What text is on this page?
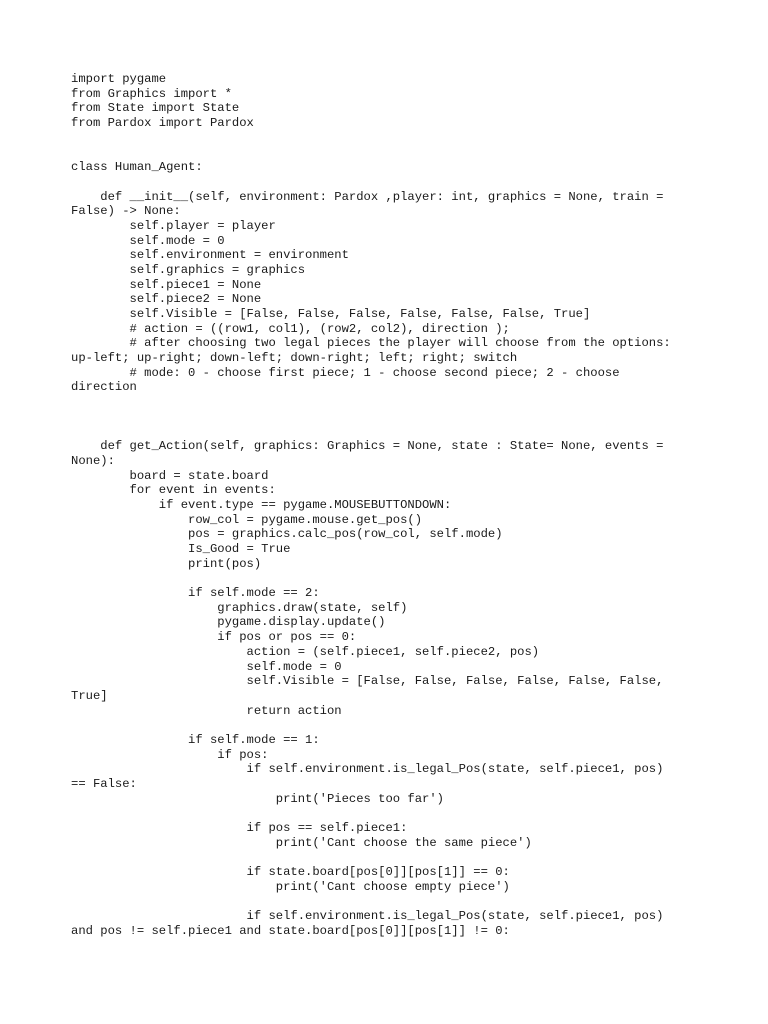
import pygame
from Graphics import *
from State import State
from Pardox import Pardox
class Human_Agent:
def __init__(self, environment: Pardox ,player: int, graphics = None, train =
False) -> None:
self.player = player
self.mode = 0
self.environment = environment
self.graphics = graphics
self.piece1 = None
self.piece2 = None
self.Visible = [False, False, False, False, False, False, True]
# action = ((row1, col1), (row2, col2), direction );
# after choosing two legal pieces the player will choose from the options:
up-left; up-right; down-left; down-right; left; right; switch
# mode: 0 - choose first piece; 1 - choose second piece; 2 - choose
direction
def get_Action(self, graphics: Graphics = None, state : State= None, events =
None):
board = state.board
for event in events:
if event.type == pygame.MOUSEBUTTONDOWN:
row_col = pygame.mouse.get_pos()
pos = graphics.calc_pos(row_col, self.mode)
Is_Good = True
print(pos)
if self.mode == 2:
graphics.draw(state, self)
pygame.display.update()
if pos or pos == 0:
action = (self.piece1, self.piece2, pos)
self.mode = 0
self.Visible = [False, False, False, False, False, False,
True]
return action
if self.mode == 1:
if pos:
if self.environment.is_legal_Pos(state, self.piece1, pos)
== False:
print('Pieces too far')
if pos == self.piece1:
print('Cant choose the same piece')
if state.board[pos[0]][pos[1]] == 0:
print('Cant choose empty piece')
if self.environment.is_legal_Pos(state, self.piece1, pos)
and pos != self.piece1 and state.board[pos[0]][pos[1]] != 0:
